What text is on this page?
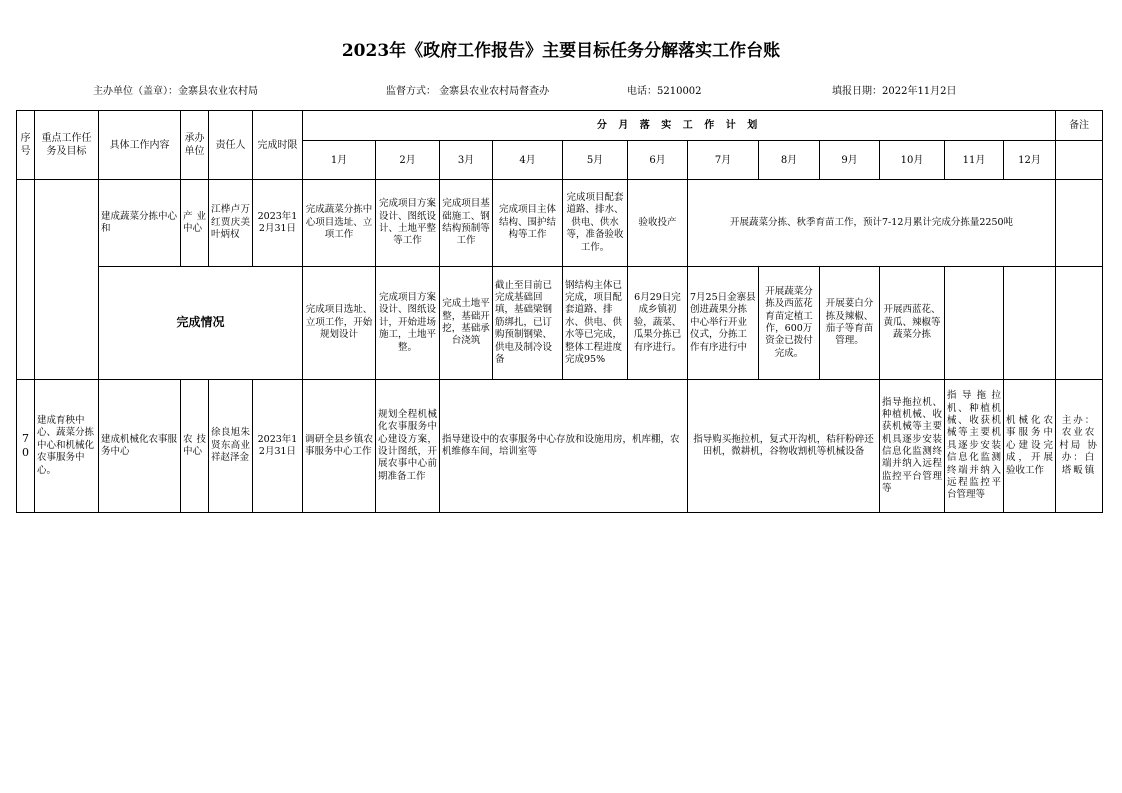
2023年《政府工作报告》主要目标任务分解落实工作台账
主办单位（盖章）：金寨县农业农村局	监督方式： 金寨县农业农村局督查办	电话：5210002	填报日期：2022年11月2日
序号	重点工作任务及目标	具体工作内容	承办单位	责任人	完成时限	分 月 落 实 工 作 计 划												备注
						1月	2月	3月	4月	5月	6月	7月	8月	9月	10月	11月	12月	
		建成蔬菜分拣中心和	产业中心	江桦卢万红贾庆美叶炳权	2023年12月31日	完成蔬菜分拣中心项目选址、立项工作	完成项目方案设计、图纸设计、土地平整等工作	完成项目基础施工、钢结构预制等工作	完成项目主体结构、围护结构等工作	完成项目配套道路、排水、供电、供水等，准备验收工作。	验收投产	开展蔬菜分拣、秋季育苗工作，预计7-12月累计完成分拣量2250吨						
		完成情况				完成项目选址、立项工作，开始规划设计	完成项目方案设计、图纸设计，开始进场施工，土地平整。	完成土地平整，基础开挖，基础承台浇筑	截止至目前已完成基础回填，基础梁钢筋绑扎，已订购预制钢梁、供电及制冷设备	钢结构主体已完成，项目配套道路、排水、供电、供水等已完成，整体工程进度完成95%	6月29日完成乡镇初验，蔬菜、瓜果分拣已有序进行。	7月25日金寨县创进蔬果分拣中心举行开业仪式，分拣工作有序进行中	开展蔬菜分拣及西蓝花育苗定植工作，600万资金已拨付完成。	开展荽白分拣及辣椒、茄子等育苗管理。	开展西蓝花、黄瓜、辣椒等蔬菜分拣			
70	建成育秧中心、蔬菜分拣中心和机械化农事服务中心。	建成机械化农事服务中心	农技中心	徐良旭朱贤东高业祥赵泽金	2023年12月31日	调研全县乡镇农事服务中心工作	规划全程机械化农事服务中心建设方案，设计图纸，开展农事中心前期准备工作	指导建设中的农事服务中心存放和设施用房，机库棚，农机维修车间，培训室等				指导购买拖拉机，复式开沟机，秸秆粉碎还田机，微耕机，谷物收割机等机械设备			指导拖拉机、种植机械、收获机械等主要机具逐步安装信息化监测终端并纳入远程监控平台管理等	指导拖拉机、种植机械、收获机械等主要机具逐步安装信息化监测终端并纳入远程监控平台管理等	机械化农事服务中心建设完成，开展验收工作	主办：农业农村局 协办：白塔畈镇
